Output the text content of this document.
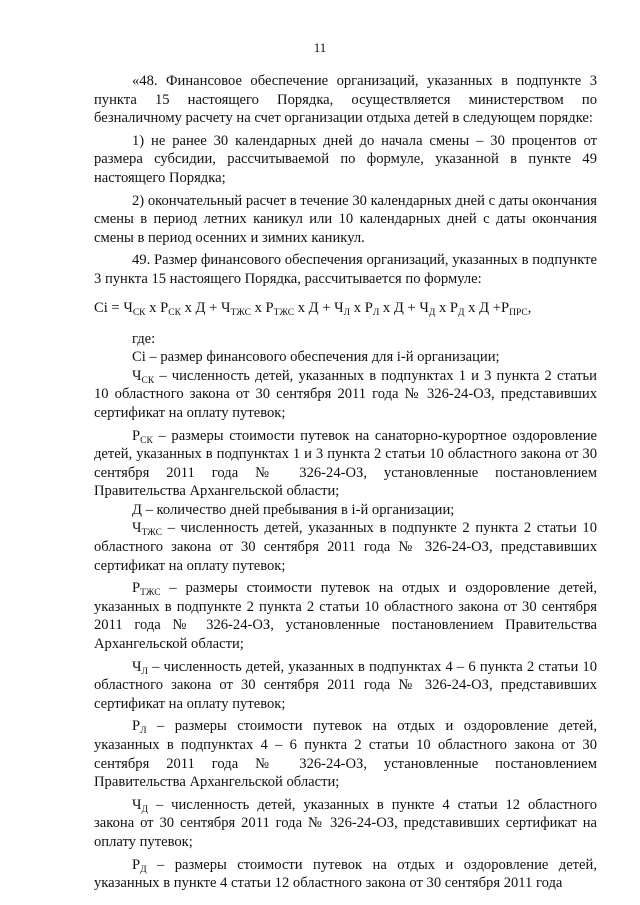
11

«48. Финансовое обеспечение организаций, указанных в подпункте 3 пункта 15 настоящего Порядка, осуществляется министерством по безналичному расчету на счет организации отдыха детей в следующем порядке:

1) не ранее 30 календарных дней до начала смены – 30 процентов от размера субсидии, рассчитываемой по формуле, указанной в пункте 49 настоящего Порядка;

2) окончательный расчет в течение 30 календарных дней с даты окончания смены в период летних каникул или 10 календарных дней с даты окончания смены в период осенних и зимних каникул.

49. Размер финансового обеспечения организаций, указанных в подпункте 3 пункта 15 настоящего Порядка, рассчитывается по формуле:

$Ci = Ч_{СК}$ x $Р_{СК}$ x $Д + Ч_{ТЖС}$ x $Р_{ТЖС}$ x $Д + Ч_Л$ x $Р_Л$ x $Д + Ч_Д$ x $Р_Д$ x $Д +Р_{ПРС}$,

где:

Ci – размер финансового обеспечения для i-й организации;

$Ч_{СК}$ – численность детей, указанных в подпунктах 1 и 3 пункта 2 статьи 10 областного закона от 30 сентября 2011 года № 326-24-ОЗ, представивших сертификат на оплату путевок;

$Р_{СК}$ – размеры стоимости путевок на санаторно-курортное оздоровление детей, указанных в подпунктах 1 и 3 пункта 2 статьи 10 областного закона от 30 сентября 2011 года № 326-24-ОЗ, установленные постановлением Правительства Архангельской области;

Д – количество дней пребывания в i-й организации;

$Ч_{ТЖС}$ – численность детей, указанных в подпункте 2 пункта 2 статьи 10 областного закона от 30 сентября 2011 года № 326-24-ОЗ, представивших сертификат на оплату путевок;

$Р_{ТЖС}$ – размеры стоимости путевок на отдых и оздоровление детей, указанных в подпункте 2 пункта 2 статьи 10 областного закона от 30 сентября 2011 года № 326-24-ОЗ, установленные постановлением Правительства Архангельской области;

$Ч_Л$ – численность детей, указанных в подпунктах 4 – 6 пункта 2 статьи 10 областного закона от 30 сентября 2011 года № 326-24-ОЗ, представивших сертификат на оплату путевок;

$Р_Л$ – размеры стоимости путевок на отдых и оздоровление детей, указанных в подпунктах 4 – 6 пункта 2 статьи 10 областного закона от 30 сентября 2011 года № 326-24-ОЗ, установленные постановлением Правительства Архангельской области;

$Ч_Д$ – численность детей, указанных в пункте 4 статьи 12 областного закона от 30 сентября 2011 года № 326-24-ОЗ, представивших сертификат на оплату путевок;

$Р_Д$ – размеры стоимости путевок на отдых и оздоровление детей, указанных в пункте 4 статьи 12 областного закона от 30 сентября 2011 года
